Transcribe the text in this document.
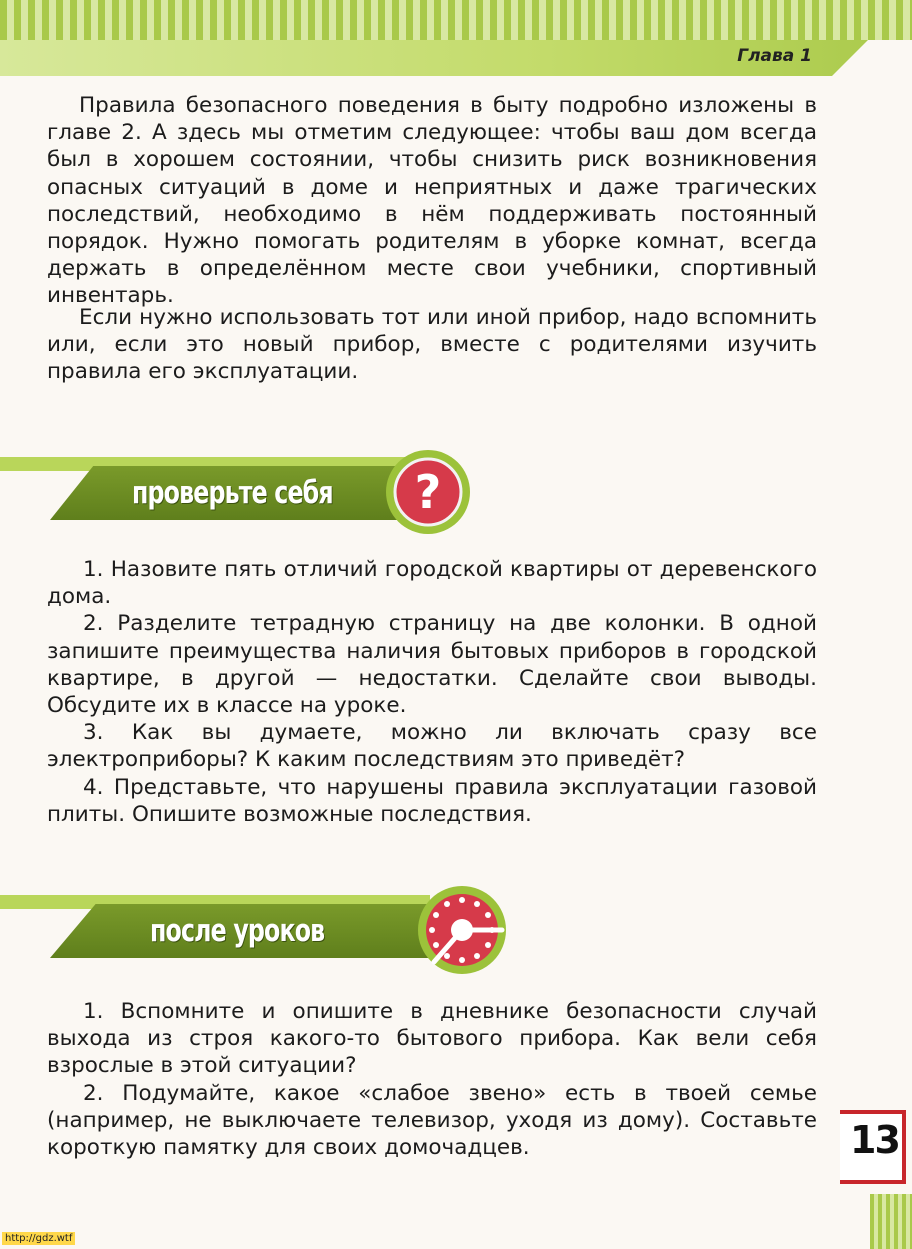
Глава 1

Правила безопасного поведения в быту подробно изложены в главе 2. А здесь мы отметим следующее: чтобы ваш дом всегда был в хорошем состоянии, чтобы снизить риск возникновения опасных ситуаций в доме и неприятных и даже трагических последствий, необходимо в нём поддерживать постоянный порядок. Нужно помогать родителям в уборке комнат, всегда держать в определённом месте свои учебники, спортивный инвентарь.

Если нужно использовать тот или иной прибор, надо вспомнить или, если это новый прибор, вместе с родителями изучить правила его эксплуатации.

проверьте себя ?
1. Назовите пять отличий городской квартиры от деревенского дома.
2. Разделите тетрадную страницу на две колонки. В одной запишите преимущества наличия бытовых приборов в городской квартире, в другой — недостатки. Сделайте свои выводы. Обсудите их в классе на уроке.
3. Как вы думаете, можно ли включать сразу все электроприборы? К каким последствиям это приведёт?
4. Представьте, что нарушены правила эксплуатации газовой плиты. Опишите возможные последствия.
после уроков
1. Вспомните и опишите в дневнике безопасности случай выхода из строя какого-то бытового прибора. Как вели себя взрослые в этой ситуации?
2. Подумайте, какое «слабое звено» есть в твоей семье (например, не выключаете телевизор, уходя из дому). Составьте короткую памятку для своих домочадцев.	13
http://gdz.wtf
